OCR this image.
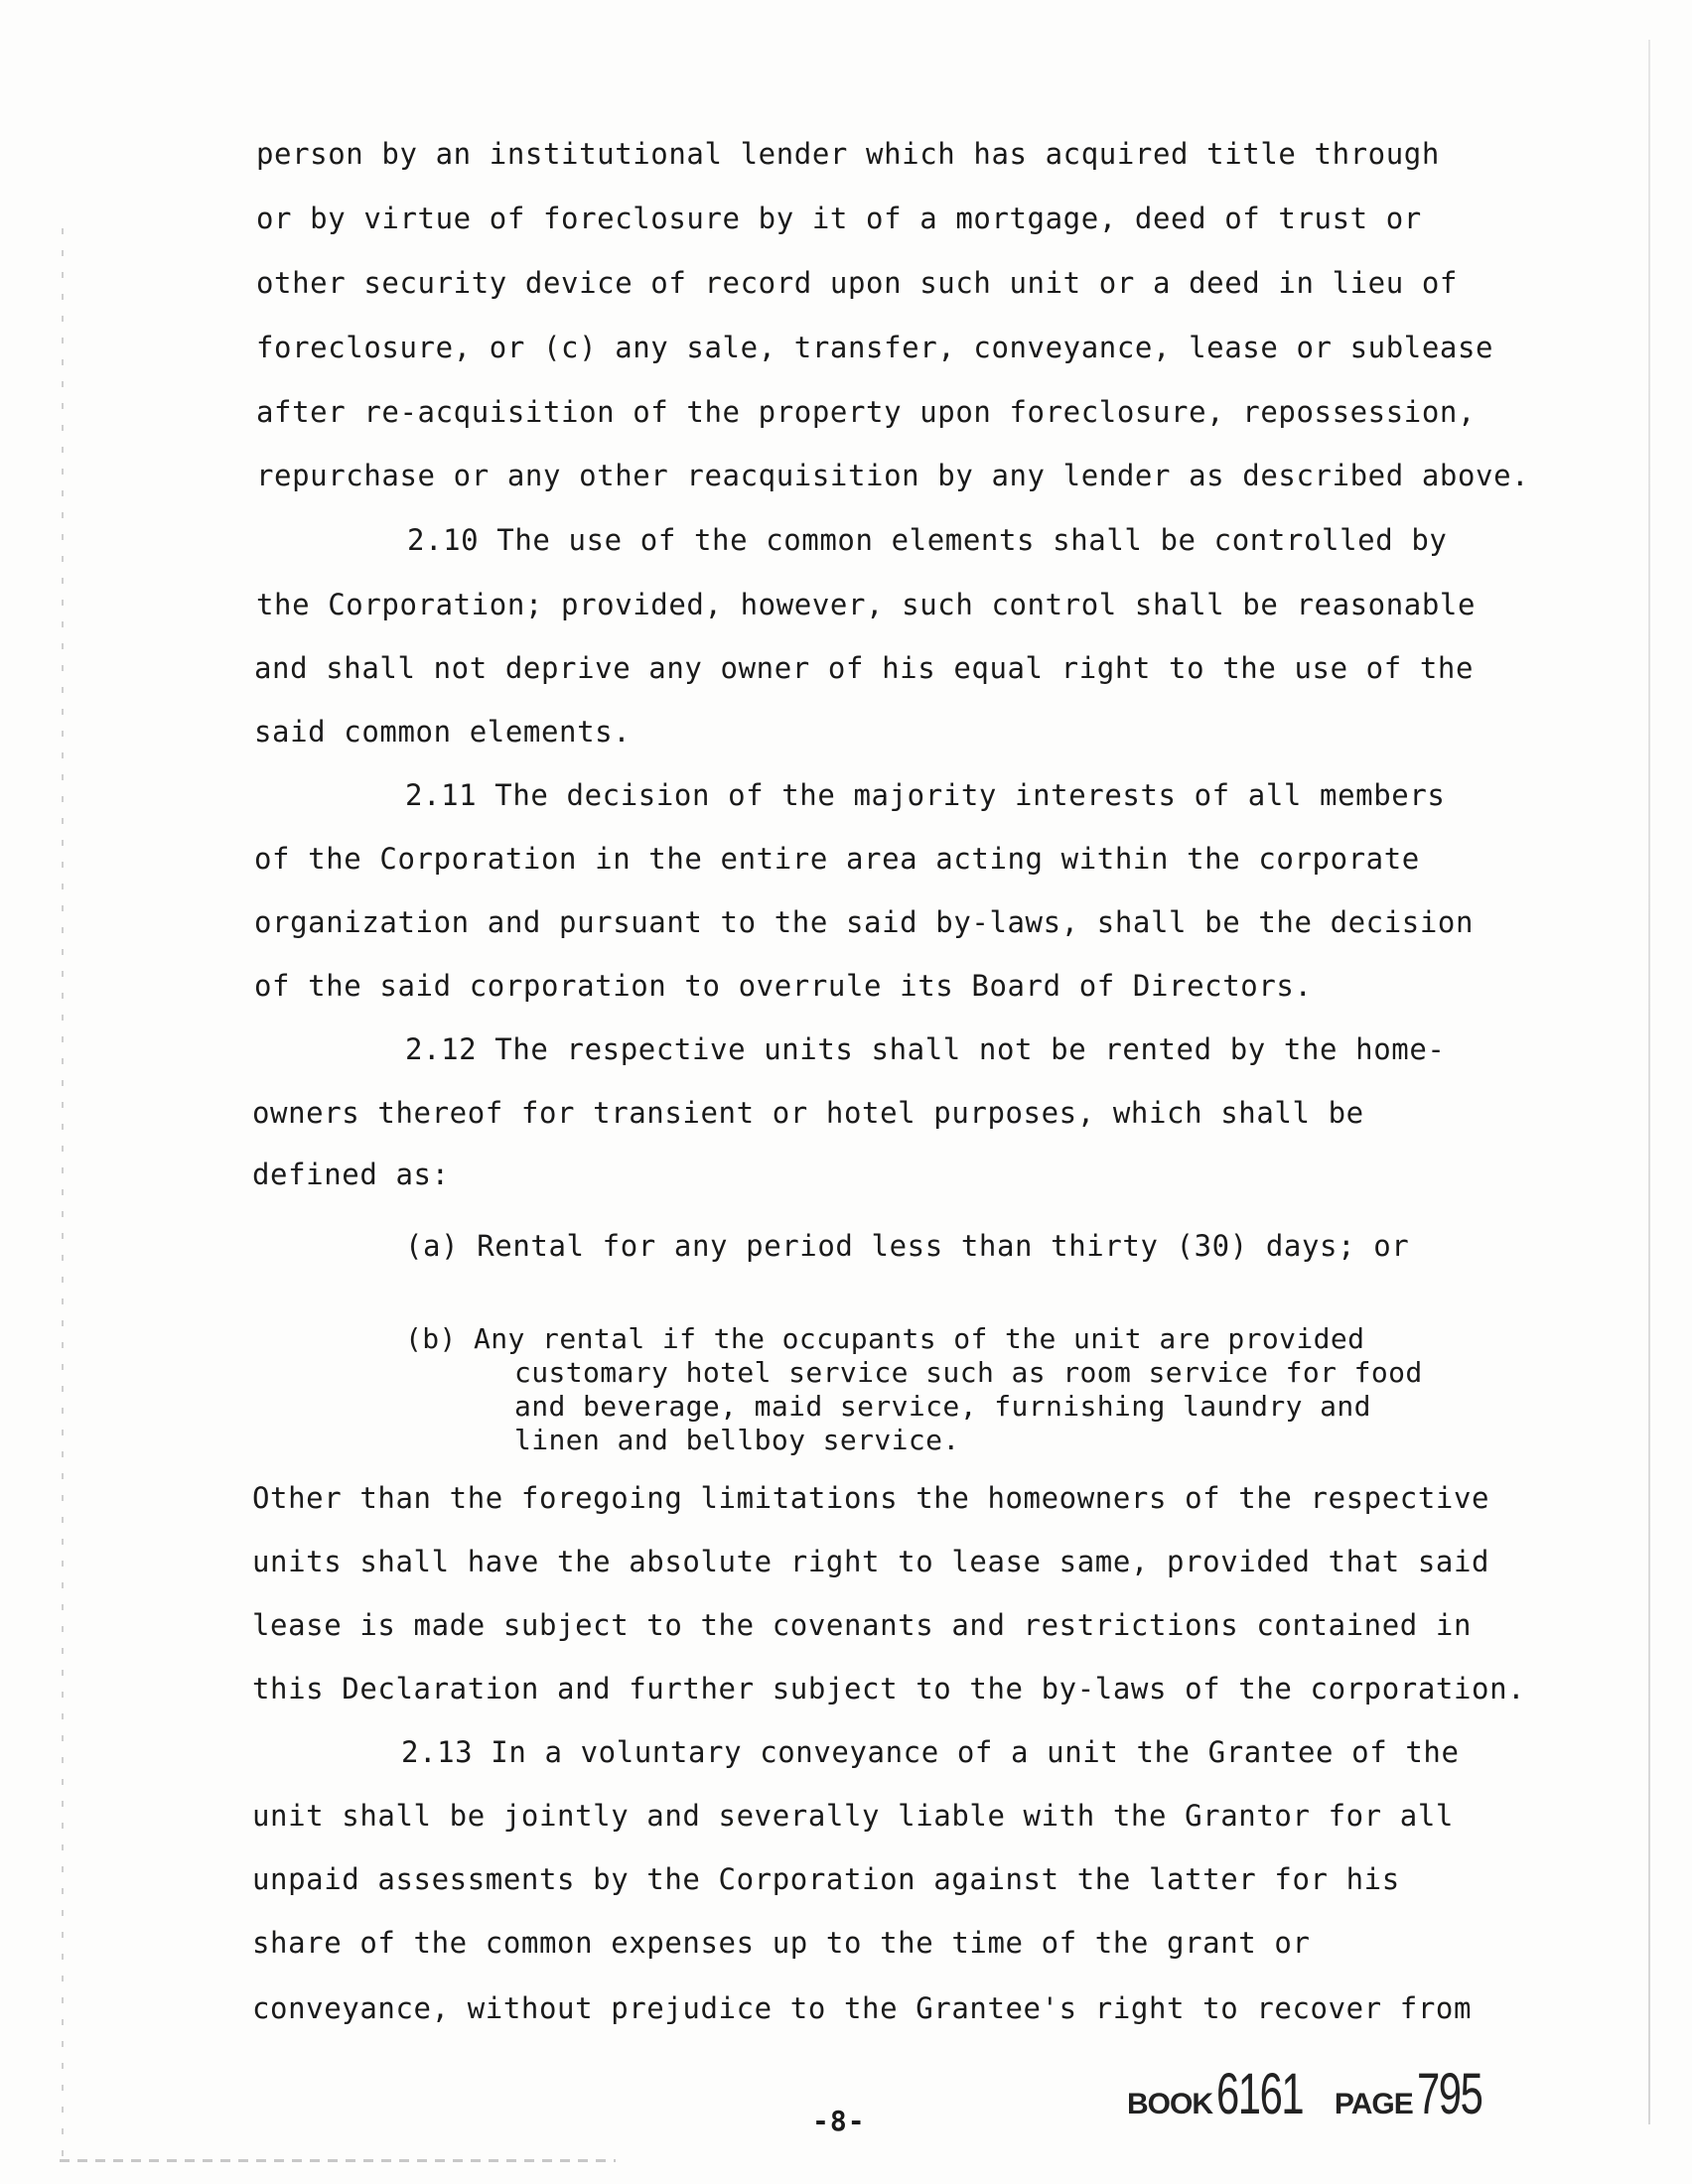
person by an institutional lender which has acquired title through
or by virtue of foreclosure by it of a mortgage, deed of trust or
other security device of record upon such unit or a deed in lieu of
foreclosure, or (c) any sale, transfer, conveyance, lease or sublease
after re-acquisition of the property upon foreclosure, repossession,
repurchase or any other reacquisition by any lender as described above.
2.10 The use of the common elements shall be controlled by
the Corporation; provided, however, such control shall be reasonable
and shall not deprive any owner of his equal right to the use of the
said common elements.
2.11 The decision of the majority interests of all members
of the Corporation in the entire area acting within the corporate
organization and pursuant to the said by-laws, shall be the decision
of the said corporation to overrule its Board of Directors.
2.12 The respective units shall not be rented by the home-
owners thereof for transient or hotel purposes, which shall be
defined as:
(a) Rental for any period less than thirty (30) days; or
(b) Any rental if the occupants of the unit are provided
customary hotel service such as room service for food
and beverage, maid service, furnishing laundry and
linen and bellboy service.
Other than the foregoing limitations the homeowners of the respective
units shall have the absolute right to lease same, provided that said
lease is made subject to the covenants and restrictions contained in
this Declaration and further subject to the by-laws of the corporation.
2.13 In a voluntary conveyance of a unit the Grantee of the
unit shall be jointly and severally liable with the Grantor for all
unpaid assessments by the Corporation against the latter for his
share of the common expenses up to the time of the grant or
conveyance, without prejudice to the Grantee's right to recover from
-8-
BOOK 6161 PAGE 795
